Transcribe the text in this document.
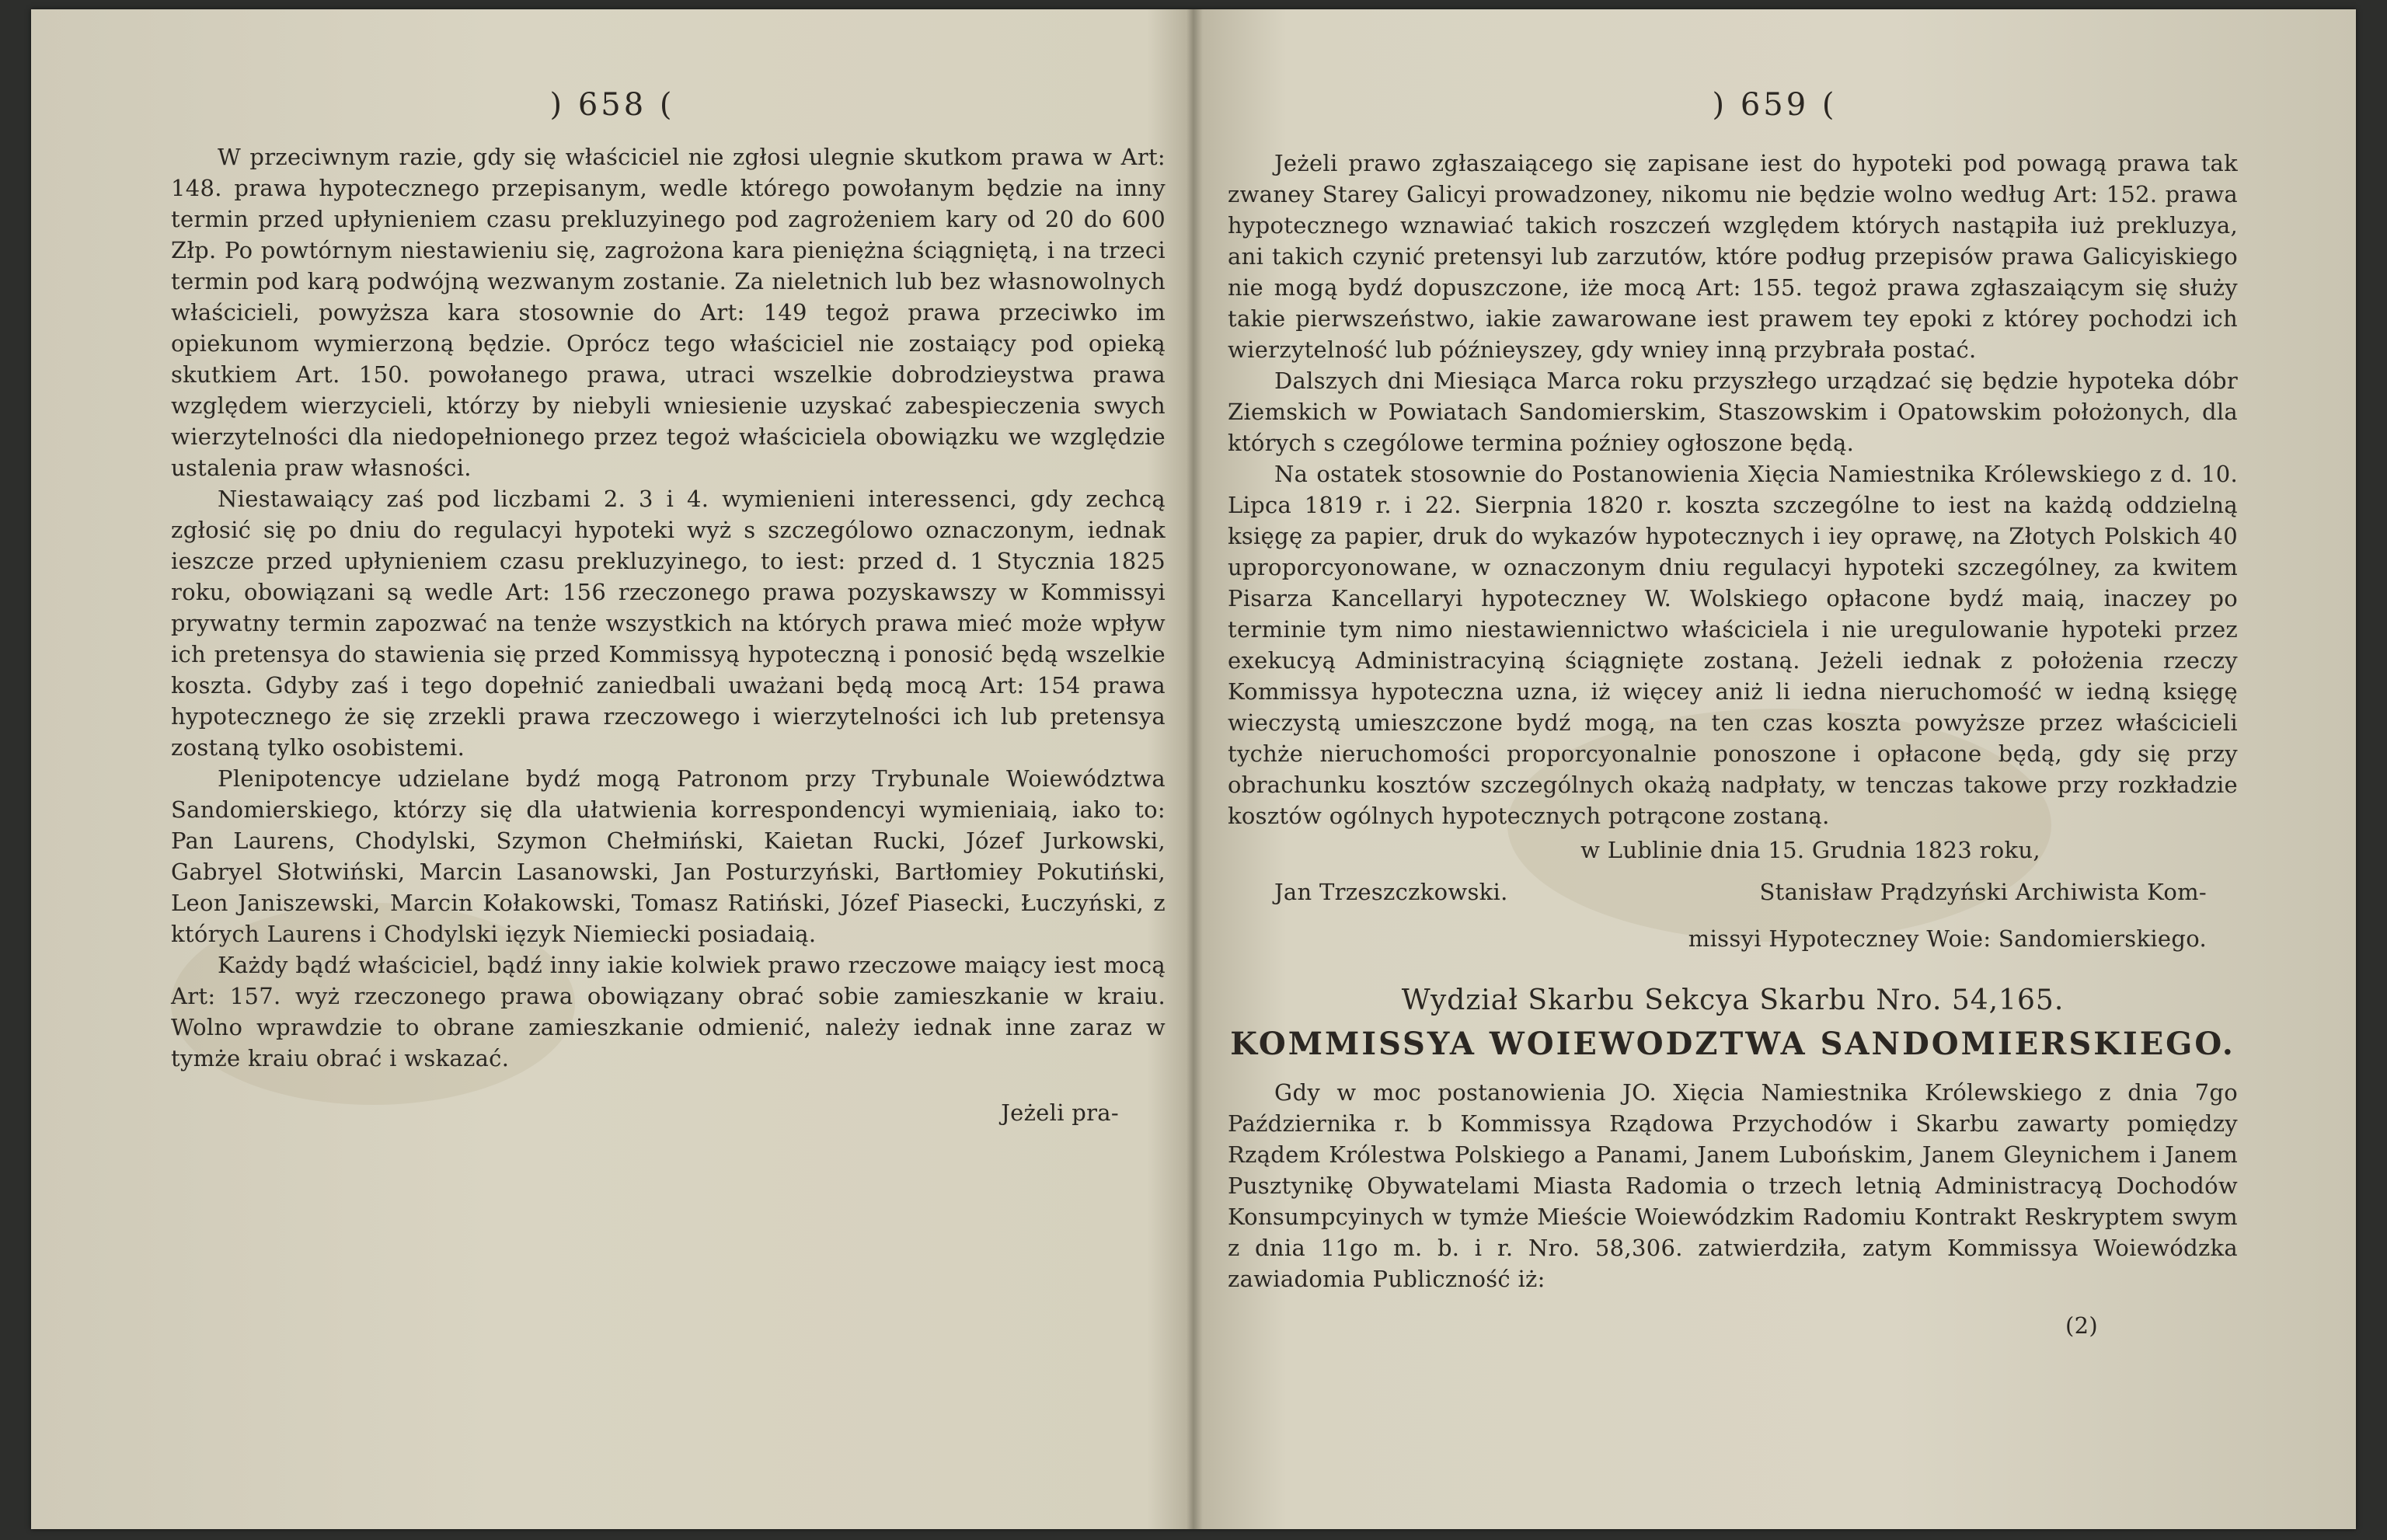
) 658 (	) 659 (

W przeciwnym razie, gdy się właściciel nie zgłosi ulegnie skutkom prawa w Art: 148. prawa hypotecznego przepisanym, wedle którego powołanym będzie na inny termin przed upłynieniem czasu prekluzyinego pod zagrożeniem kary od 20 do 600 Złp. Po powtórnym niestawieniu się, zagrożona kara pieniężna ściągniętą, i na trzeci termin pod karą podwójną wezwanym zostanie. Za nieletnich lub bez własnowolnych właścicieli, powyższa kara stosownie do Art: 149 tegoż prawa przeciwko im opiekunom wymierzoną będzie. Oprócz tego właściciel nie zostaiący pod opieką skutkiem Art. 150. powołanego prawa, utraci wszelkie dobrodzieystwa prawa względem wierzycieli, którzy by niebyli wniesienie uzyskać zabespieczenia swych wierzytelności dla niedopełnionego przez tegoż właściciela obowiązku we względzie ustalenia praw własności.

Niestawaiący zaś pod liczbami 2. 3 i 4. wymienieni interessenci, gdy zechcą zgłosić się po dniu do regulacyi hypoteki wyż s szczególowo oznaczonym, iednak ieszcze przed upłynieniem czasu prekluzyinego, to iest: przed d. 1 Stycznia 1825 roku, obowiązani są wedle Art: 156 rzeczonego prawa pozyskawszy w Kommissyi prywatny termin zapozwać na tenże wszystkich na których prawa mieć może wpływ ich pretensya do stawienia się przed Kommissyą hypoteczną i ponosić będą wszelkie koszta. Gdyby zaś i tego dopełnić zaniedbali uważani będą mocą Art: 154 prawa hypotecznego że się zrzekli prawa rzeczowego i wierzytelności ich lub pretensya zostaną tylko osobistemi.

Plenipotencye udzielane bydź mogą Patronom przy Trybunale Woiewództwa Sandomierskiego, którzy się dla ułatwienia korrespondencyi wymieniaią, iako to: Pan Laurens, Chodylski, Szymon Chełmiński, Kaietan Rucki, Józef Jurkowski, Gabryel Słotwiński, Marcin Lasanowski, Jan Posturzyński, Bartłomiey Pokutiński, Leon Janiszewski, Marcin Kołakowski, Tomasz Ratiński, Józef Piasecki, Łuczyński, z których Laurens i Chodylski ięzyk Niemiecki posiadaią.

Każdy bądź właściciel, bądź inny iakie kolwiek prawo rzeczowe maiący iest mocą Art: 157. wyż rzeczonego prawa obowiązany obrać sobie zamieszkanie w kraiu. Wolno wprawdzie to obrane zamieszkanie odmienić, należy iednak inne zaraz w tymże kraiu obrać i wskazać.

Jeżeli pra-

Jeżeli prawo zgłaszaiącego się zapisane iest do hypoteki pod powagą prawa tak zwaney Starey Galicyi prowadzoney, nikomu nie będzie wolno według Art: 152. prawa hypotecznego wznawiać takich roszczeń względem których nastąpiła iuż prekluzya, ani takich czynić pretensyi lub zarzutów, które podług przepisów prawa Galicyiskiego nie mogą bydź dopuszczone, iże mocą Art: 155. tegoż prawa zgłaszaiącym się służy takie pierwszeństwo, iakie zawarowane iest prawem tey epoki z którey pochodzi ich wierzytelność lub późnieyszey, gdy wniey inną przybrała postać.

Dalszych dni Miesiąca Marca roku przyszłego urządzać się będzie hypoteka dóbr Ziemskich w Powiatach Sandomierskim, Staszowskim i Opatowskim położonych, dla których s czególowe termina poźniey ogłoszone będą.

Na ostatek stosownie do Postanowienia Xięcia Namiestnika Królewskiego z d. 10. Lipca 1819 r. i 22. Sierpnia 1820 r. koszta szczególne to iest na każdą oddzielną księgę za papier, druk do wykazów hypotecznych i iey oprawę, na Złotych Polskich 40 uproporcyonowane, w oznaczonym dniu regulacyi hypoteki szczególney, za kwitem Pisarza Kancellaryi hypoteczney W. Wolskiego opłacone bydź maią, inaczey po terminie tym nimo niestawiennictwo właściciela i nie uregulowanie hypoteki przez exekucyą Administracyiną ściągnięte zostaną. Jeżeli iednak z położenia rzeczy Kommissya hypoteczna uzna, iż więcey aniż li iedna nieruchomość w iedną księgę wieczystą umieszczone bydź mogą, na ten czas koszta powyższe przez właścicieli tychże nieruchomości proporcyonalnie ponoszone i opłacone będą, gdy się przy obrachunku kosztów szczególnych okażą nadpłaty, w tenczas takowe przy rozkładzie kosztów ogólnych hypotecznych potrącone zostaną.

w Lublinie dnia 15. Grudnia 1823 roku,

Jan Trzeszczkowski.	Stanisław Prądzyński Archiwista Kom-
missyi Hypoteczney Woie: Sandomierskiego.
Wydział Skarbu Sekcya Skarbu Nro. 54,165.
KOMMISSYA WOIEWODZTWA SANDOMIERSKIEGO.

Gdy w moc postanowienia JO. Xięcia Namiestnika Królewskiego z dnia 7go Października r. b Kommissya Rządowa Przychodów i Skarbu zawarty pomiędzy Rządem Królestwa Polskiego a Panami, Janem Lubońskim, Janem Gleynichem i Janem Pusztynikę Obywatelami Miasta Radomia o trzech letnią Administracyą Dochodów Konsumpcyinych w tymże Mieście Woiewódzkim Radomiu Kontrakt Reskryptem swym z dnia 11go m. b. i r. Nro. 58,306. zatwierdziła, zatym Kommissya Woiewódzka zawiadomia Publiczność iż:

(2)
